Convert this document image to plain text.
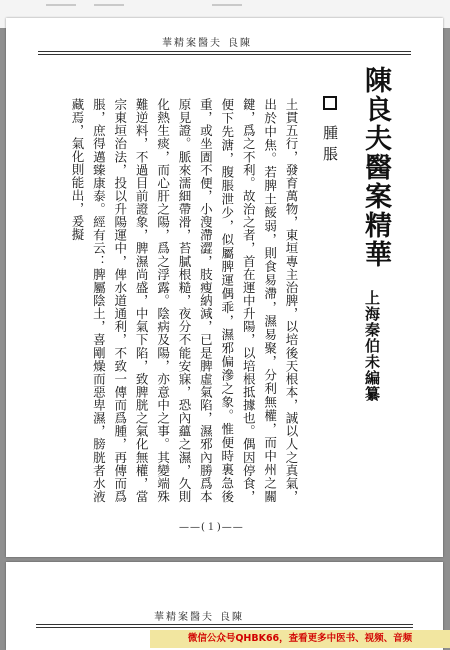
華精案醫夫 良陳
陳良夫醫案精華
腫脹
上海秦伯未編纂
土貫五行，發育萬物，東垣專主治脾，以培後天根本，誠以人之真氣，出於中焦。若脾土餒弱，則食易滯，濕易聚，分利無權，而中州之關鍵，爲之不利。故治之者，首在運中升陽，以培根抵據也。偶因停食，便下先溏，腹脹泄少，似屬脾運偶乖，濕邪偏滲之象。惟便時裏急後重，或坐圊不便，小溲滯澀，肢瘦納減，已是脾虛氣陷，濕邪內勝爲本原見證。脈來濡細帶滑，苔膩根糙，夜分不能安寐，恐內蘊之濕，久則化熱生痰，而心肝之陽，爲之浮露。陰病及陽，亦意中之事。其變端殊難逆料，不過目前證象，脾濕尚盛，中氣下陷，致脾胱之氣化無權，當宗東垣治法，投以升陽運中，俾水道通利，不致一傳而爲腫，再傳而爲脹，庶得邁臻康泰。經有云：脾屬陰土，喜剛燥而惡卑濕，膀胱者水液藏焉，氣化則能出，爰擬
——(１)——
華精案醫夫 良陳
微信公众号QHBK66，查看更多中医书、视频、音频
